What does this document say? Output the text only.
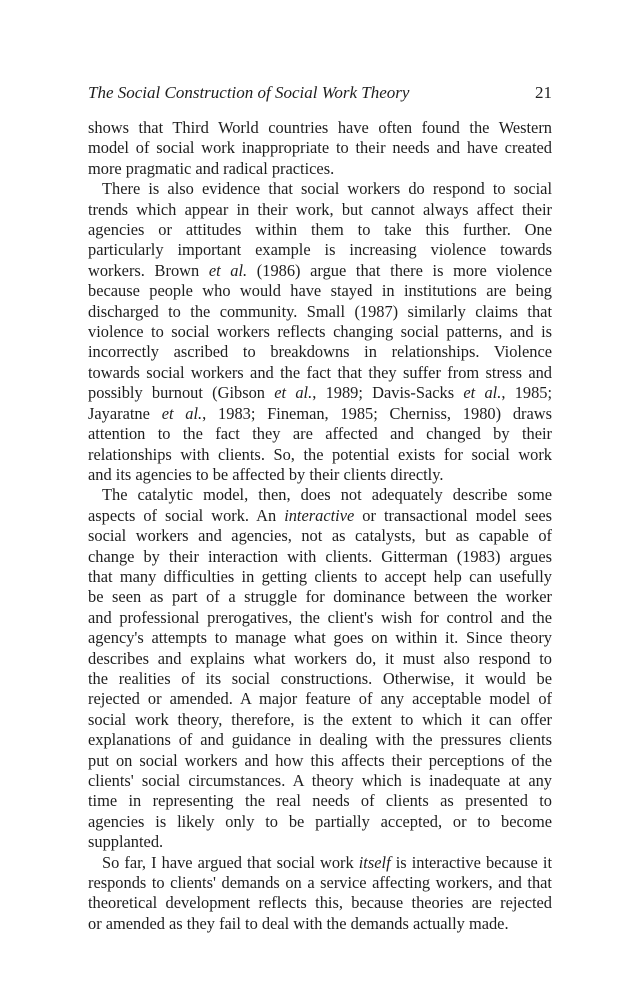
The Social Construction of Social Work Theory	21
shows that Third World countries have often found the Western
model of social work inappropriate to their needs and have created
more pragmatic and radical practices.
There is also evidence that social workers do respond to social
trends which appear in their work, but cannot always affect their
agencies or attitudes within them to take this further. One
particularly important example is increasing violence towards
workers. Brown et al. (1986) argue that there is more violence
because people who would have stayed in institutions are being
discharged to the community. Small (1987) similarly claims that
violence to social workers reflects changing social patterns, and is
incorrectly ascribed to breakdowns in relationships. Violence
towards social workers and the fact that they suffer from stress and
possibly burnout (Gibson et al., 1989; Davis-Sacks et al., 1985;
Jayaratne et al., 1983; Fineman, 1985; Cherniss, 1980) draws
attention to the fact they are affected and changed by their
relationships with clients. So, the potential exists for social work
and its agencies to be affected by their clients directly.
The catalytic model, then, does not adequately describe some
aspects of social work. An interactive or transactional model sees
social workers and agencies, not as catalysts, but as capable of
change by their interaction with clients. Gitterman (1983) argues
that many difficulties in getting clients to accept help can usefully
be seen as part of a struggle for dominance between the worker
and professional prerogatives, the client's wish for control and the
agency's attempts to manage what goes on within it. Since theory
describes and explains what workers do, it must also respond to
the realities of its social constructions. Otherwise, it would be
rejected or amended. A major feature of any acceptable model of
social work theory, therefore, is the extent to which it can offer
explanations of and guidance in dealing with the pressures clients
put on social workers and how this affects their perceptions of the
clients' social circumstances. A theory which is inadequate at any
time in representing the real needs of clients as presented to
agencies is likely only to be partially accepted, or to become
supplanted.
So far, I have argued that social work itself is interactive because it
responds to clients' demands on a service affecting workers, and that
theoretical development reflects this, because theories are rejected
or amended as they fail to deal with the demands actually made.
